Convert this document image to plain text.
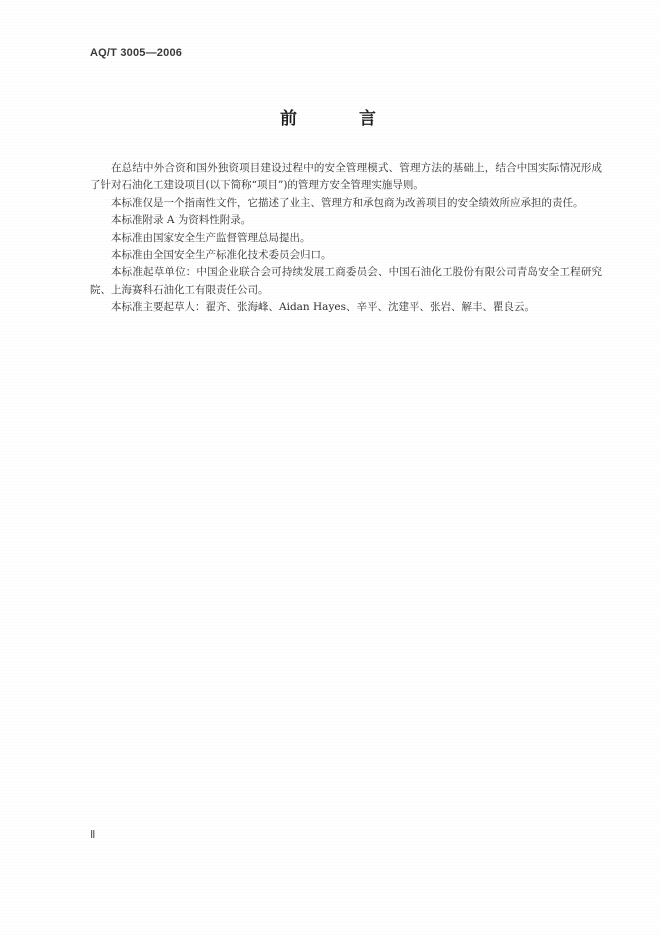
AQ/T 3005—2006
前 言

在总结中外合资和国外独资项目建设过程中的安全管理模式、管理方法的基础上，结合中国实际情况形成了针对石油化工建设项目(以下简称“项目”)的管理方安全管理实施导则。

本标准仅是一个指南性文件，它描述了业主、管理方和承包商为改善项目的安全绩效所应承担的责任。

本标准附录 A 为资料性附录。

本标准由国家安全生产监督管理总局提出。

本标准由全国安全生产标准化技术委员会归口。

本标准起草单位：中国企业联合会可持续发展工商委员会、中国石油化工股份有限公司青岛安全工程研究院、上海赛科石油化工有限责任公司。

本标准主要起草人：翟齐、张海峰、Aidan Hayes、辛平、沈建平、张岩、解丰、瞿良云。

Ⅱ
